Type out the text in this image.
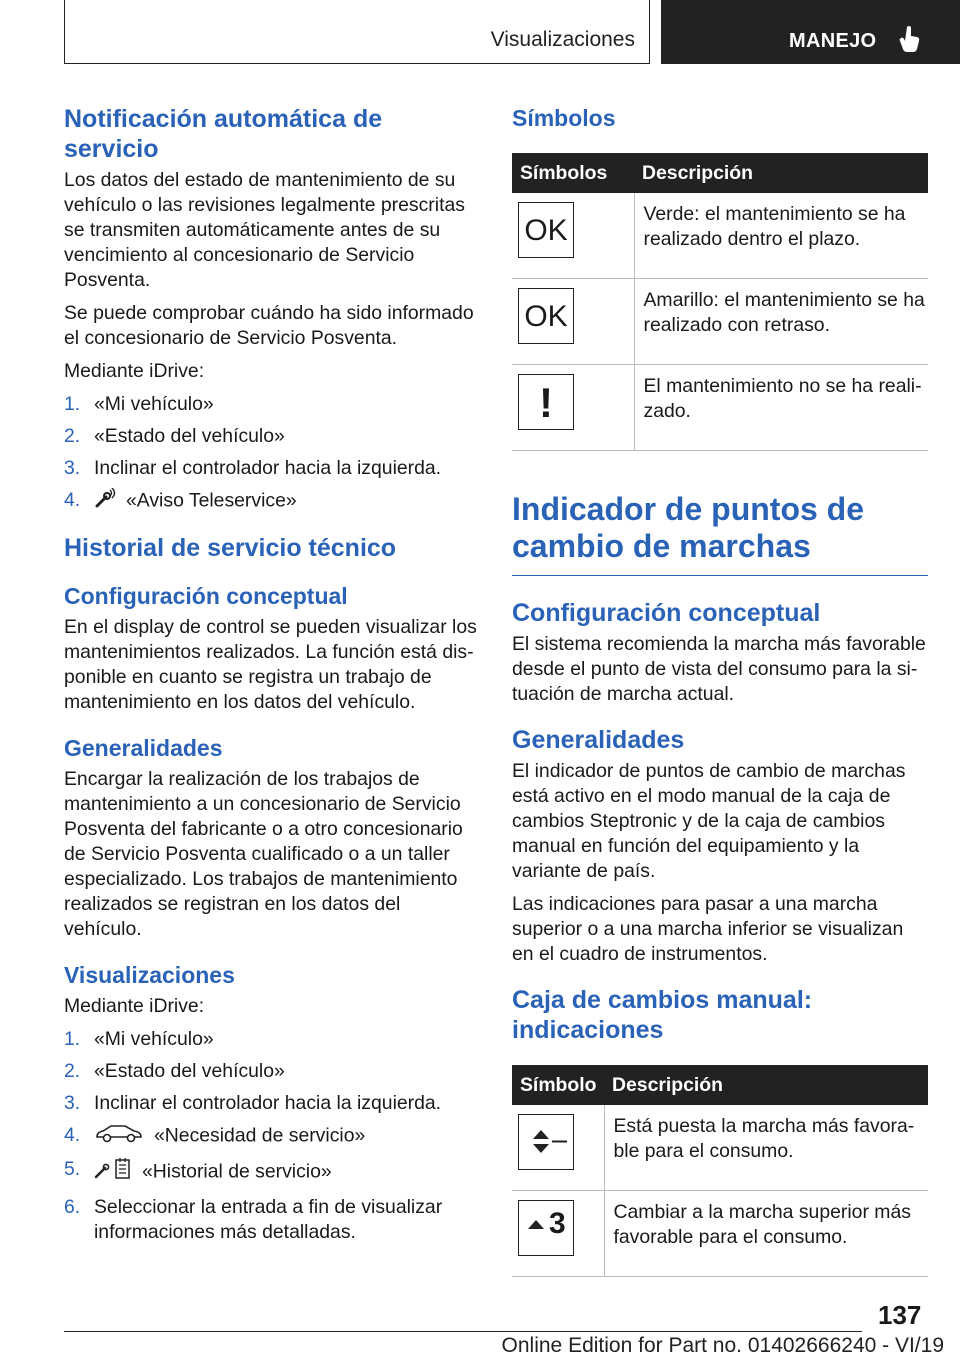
Visualizaciones	MANEJO
Notificación automática de servicio

Los datos del estado de mantenimiento de su vehículo o las revisiones legalmente prescritas se transmiten automáticamente antes de su vencimiento al concesionario de Servicio Posventa.

Se puede comprobar cuándo ha sido informado el concesionario de Servicio Posventa.

Mediante iDrive:

1. «Mi vehículo»
2. «Estado del vehículo»
3. Inclinar el controlador hacia la izquierda.
4. «Aviso Teleservice»
Historial de servicio técnico
Configuración conceptual

En el display de control se pueden visualizar los mantenimientos realizados. La función está disponible en cuanto se registra un trabajo de mantenimiento en los datos del vehículo.

Generalidades

Encargar la realización de los trabajos de mantenimiento a un concesionario de Servicio Posventa del fabricante o a otro concesionario de Servicio Posventa cualificado o a un taller especializado. Los trabajos de mantenimiento realizados se registran en los datos del vehículo.

Visualizaciones

Mediante iDrive:

1. «Mi vehículo»
2. «Estado del vehículo»
3. Inclinar el controlador hacia la izquierda.
4.	«Necesidad de servicio»
5.	«Historial de servicio»
6. Seleccionar la entrada a fin de visualizar informaciones más detalladas.
Símbolos
Símbolos	Descripción

OK	Verde: el mantenimiento se ha realizado dentro el plazo.

OK	Amarillo: el mantenimiento se ha realizado con retraso.

!	El mantenimiento no se ha realizado.
Indicador de puntos de cambio de marchas
Configuración conceptual

El sistema recomienda la marcha más favorable desde el punto de vista del consumo para la situación de marcha actual.

Generalidades

El indicador de puntos de cambio de marchas está activo en el modo manual de la caja de cambios Steptronic y de la caja de cambios manual en función del equipamiento y la variante de país.

Las indicaciones para pasar a una marcha superior o a una marcha inferior se visualizan en el cuadro de instrumentos.

Caja de cambios manual: indicaciones
Símbolo	Descripción

	Está puesta la marcha más favorable para el consumo.

3	Cambiar a la marcha superior más favorable para el consumo.
137
Online Edition for Part no. 01402666240 - VI/19
